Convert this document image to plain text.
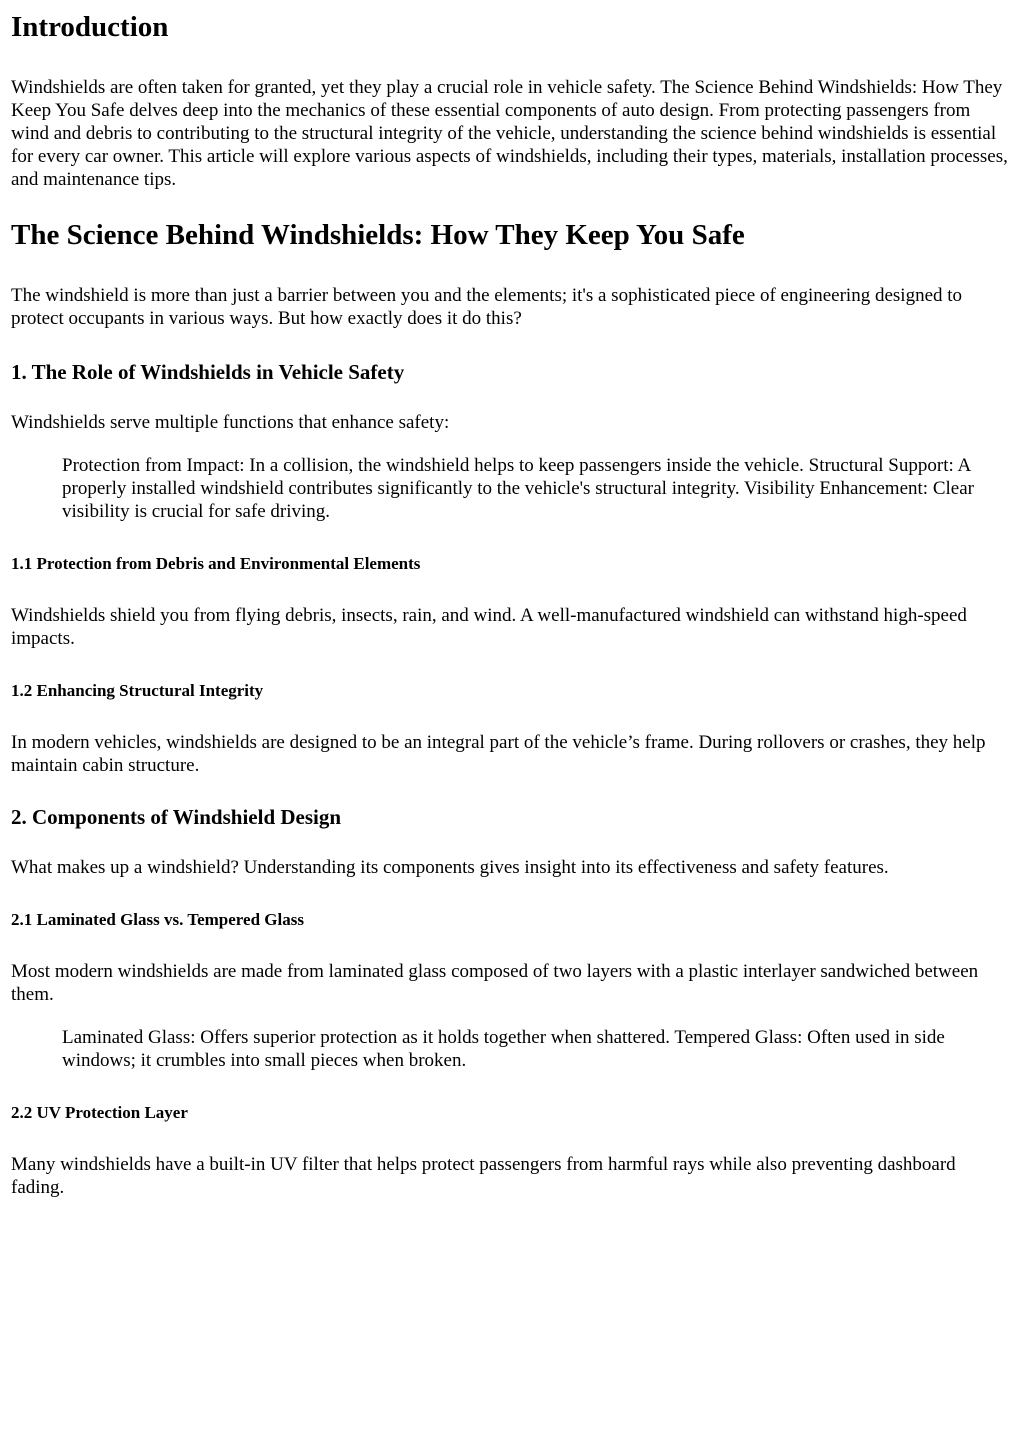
Introduction

Windshields are often taken for granted, yet they play a crucial role in vehicle safety. The Science Behind Windshields: How They Keep You Safe delves deep into the mechanics of these essential components of auto design. From protecting passengers from wind and debris to contributing to the structural integrity of the vehicle, understanding the science behind windshields is essential for every car owner. This article will explore various aspects of windshields, including their types, materials, installation processes, and maintenance tips.

The Science Behind Windshields: How They Keep You Safe

The windshield is more than just a barrier between you and the elements; it's a sophisticated piece of engineering designed to protect occupants in various ways. But how exactly does it do this?

1. The Role of Windshields in Vehicle Safety

Windshields serve multiple functions that enhance safety:

Protection from Impact: In a collision, the windshield helps to keep passengers inside the vehicle. Structural Support: A properly installed windshield contributes significantly to the vehicle's structural integrity. Visibility Enhancement: Clear visibility is crucial for safe driving.

1.1 Protection from Debris and Environmental Elements

Windshields shield you from flying debris, insects, rain, and wind. A well-manufactured windshield can withstand high-speed impacts.

1.2 Enhancing Structural Integrity

In modern vehicles, windshields are designed to be an integral part of the vehicle’s frame. During rollovers or crashes, they help maintain cabin structure.

2. Components of Windshield Design

What makes up a windshield? Understanding its components gives insight into its effectiveness and safety features.

2.1 Laminated Glass vs. Tempered Glass

Most modern windshields are made from laminated glass composed of two layers with a plastic interlayer sandwiched between them.

Laminated Glass: Offers superior protection as it holds together when shattered. Tempered Glass: Often used in side windows; it crumbles into small pieces when broken.

2.2 UV Protection Layer

Many windshields have a built-in UV filter that helps protect passengers from harmful rays while also preventing dashboard fading.
